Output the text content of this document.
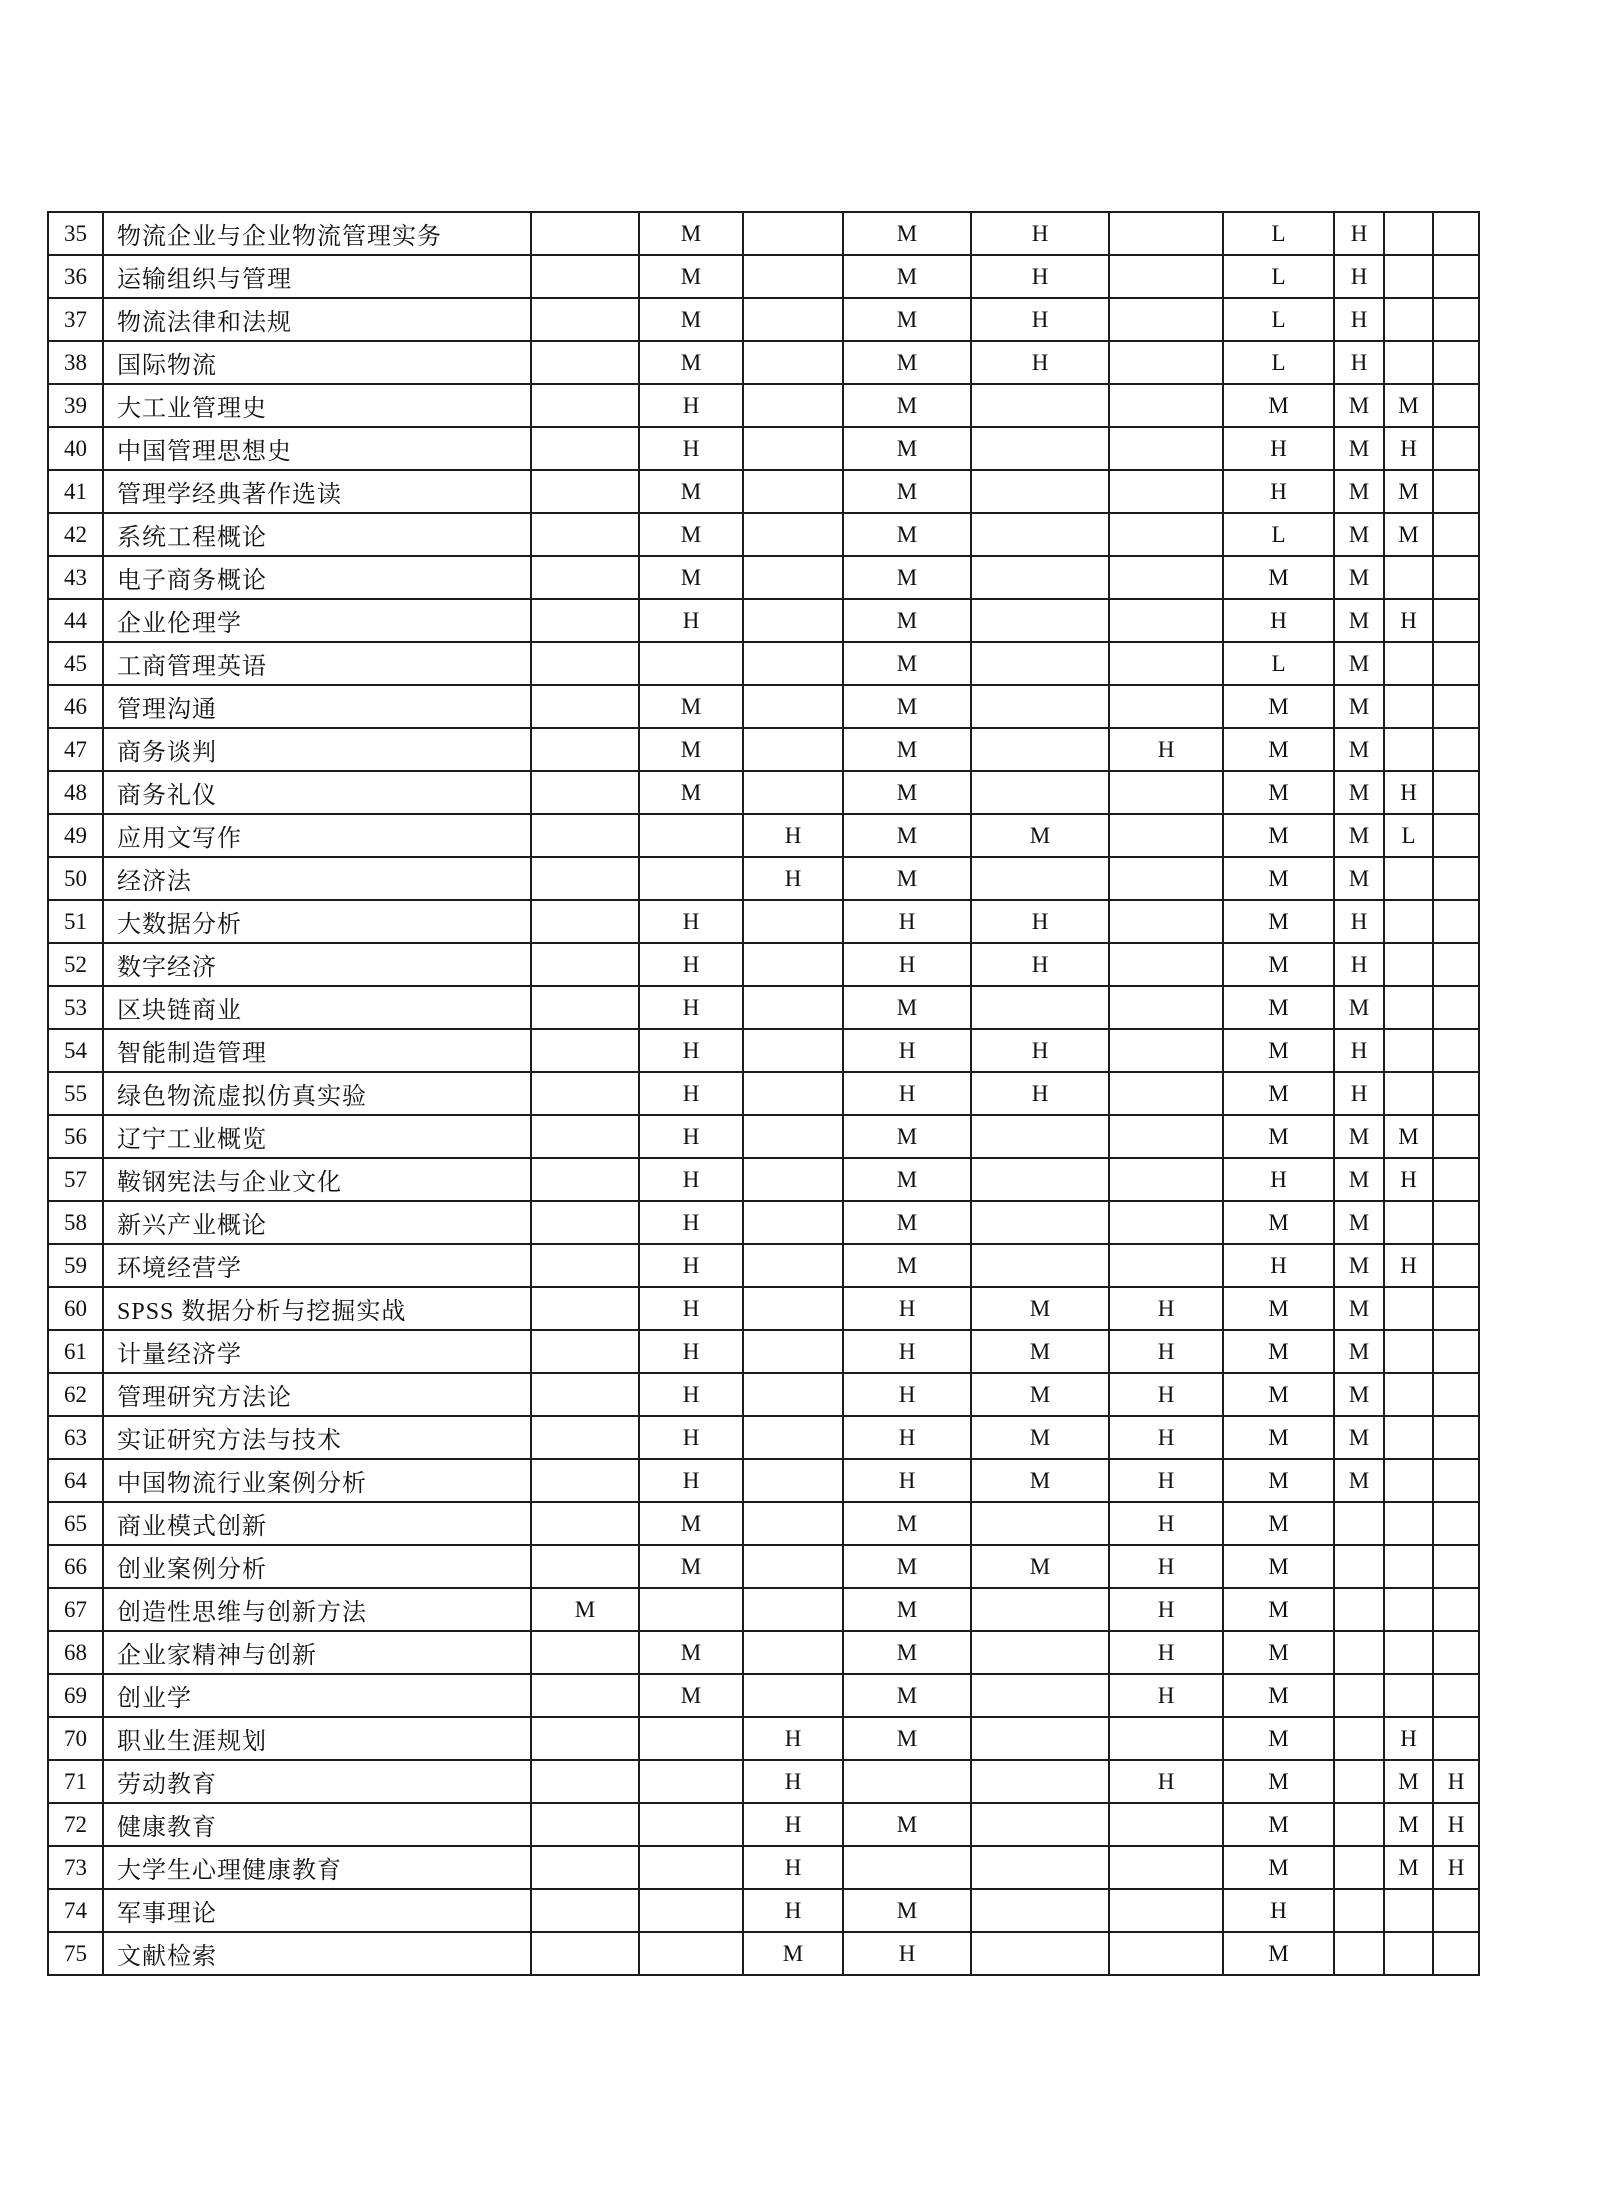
35	物流企业与企业物流管理实务		M		M	H		L	H		
36	运输组织与管理		M		M	H		L	H		
37	物流法律和法规		M		M	H		L	H		
38	国际物流		M		M	H		L	H		
39	大工业管理史		H		M			M	M	M	
40	中国管理思想史		H		M			H	M	H	
41	管理学经典著作选读		M		M			H	M	M	
42	系统工程概论		M		M			L	M	M	
43	电子商务概论		M		M			M	M		
44	企业伦理学		H		M			H	M	H	
45	工商管理英语				M			L	M		
46	管理沟通		M		M			M	M		
47	商务谈判		M		M		H	M	M		
48	商务礼仪		M		M			M	M	H	
49	应用文写作			H	M	M		M	M	L	
50	经济法			H	M			M	M		
51	大数据分析		H		H	H		M	H		
52	数字经济		H		H	H		M	H		
53	区块链商业		H		M			M	M		
54	智能制造管理		H		H	H		M	H		
55	绿色物流虚拟仿真实验		H		H	H		M	H		
56	辽宁工业概览		H		M			M	M	M	
57	鞍钢宪法与企业文化		H		M			H	M	H	
58	新兴产业概论		H		M			M	M		
59	环境经营学		H		M			H	M	H	
60	SPSS 数据分析与挖掘实战		H		H	M	H	M	M		
61	计量经济学		H		H	M	H	M	M		
62	管理研究方法论		H		H	M	H	M	M		
63	实证研究方法与技术		H		H	M	H	M	M		
64	中国物流行业案例分析		H		H	M	H	M	M		
65	商业模式创新		M		M		H	M			
66	创业案例分析		M		M	M	H	M			
67	创造性思维与创新方法	M			M		H	M			
68	企业家精神与创新		M		M		H	M			
69	创业学		M		M		H	M			
70	职业生涯规划			H	M			M		H	
71	劳动教育			H			H	M		M	H
72	健康教育			H	M			M		M	H
73	大学生心理健康教育			H				M		M	H
74	军事理论			H	M			H			
75	文献检索			M	H			M			
